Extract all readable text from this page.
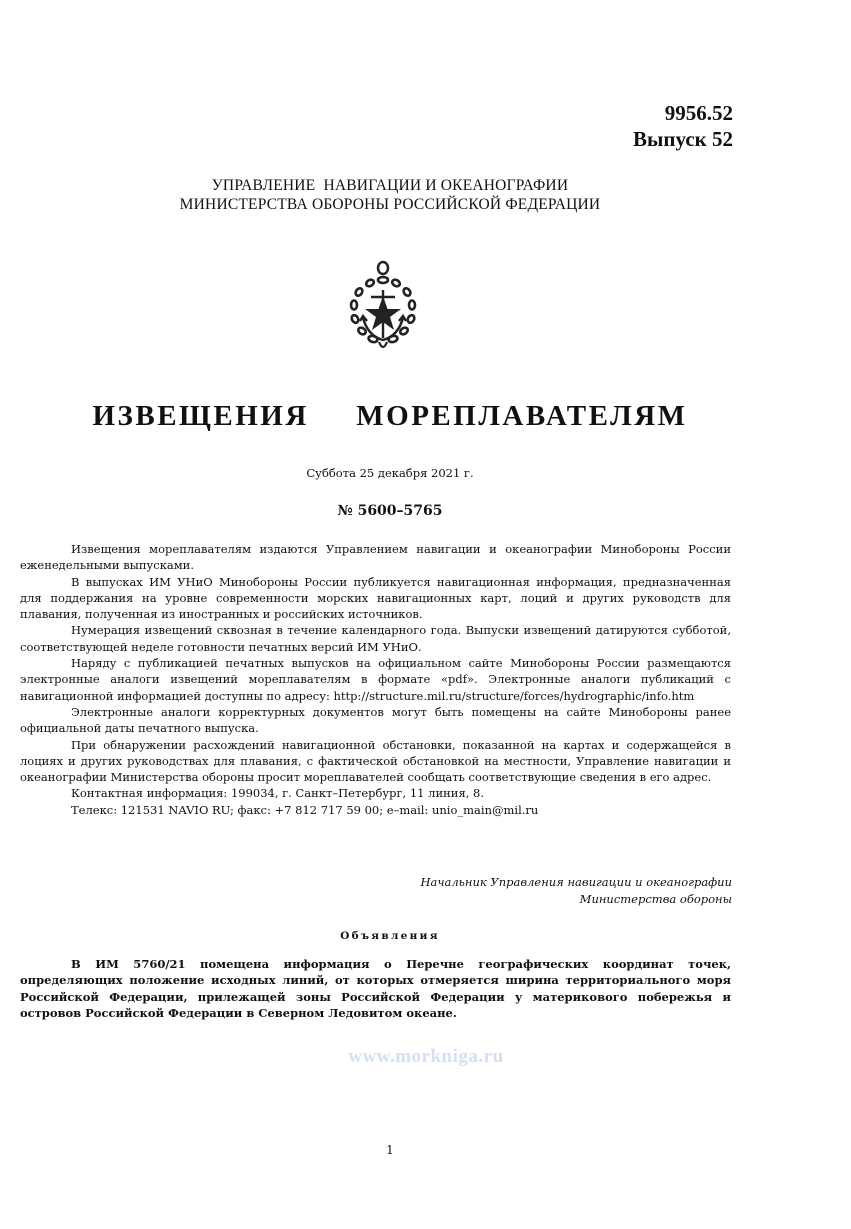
9956.52
Выпуск 52
УПРАВЛЕНИЕ  НАВИГАЦИИ И ОКЕАНОГРАФИИ
МИНИСТЕРСТВА ОБОРОНЫ РОССИЙСКОЙ ФЕДЕРАЦИИ
ИЗВЕЩЕНИЯ  МОРЕПЛАВАТЕЛЯМ
Суббота 25 декабря 2021 г.
№ 5600–5765

Извещения мореплавателям издаются Управлением навигации и океанографии Минобороны России еженедельными выпусками.

В выпусках ИМ УНиО Минобороны России публикуется навигационная информация, предназначенная для поддержания на уровне современности морских навигационных карт, лоций и других руководств для плавания, полученная из иностранных и российских источников.

Нумерация извещений сквозная в течение календарного года. Выпуски извещений датируются субботой, соответствующей неделе готовности печатных версий ИМ УНиО.

Наряду с публикацией печатных выпусков на официальном сайте Минобороны России размещаются электронные аналоги извещений мореплавателям в формате «pdf». Электронные аналоги публикаций с навигационной информацией доступны по адресу: http://structure.mil.ru/structure/forces/hydrographic/info.htm

Электронные аналоги корректурных документов могут быть помещены на сайте Минобороны ранее официальной даты печатного выпуска.

При обнаружении расхождений навигационной обстановки, показанной на картах и содержащейся в лоциях и других руководствах для плавания, с фактической обстановкой на местности, Управление навигации и океанографии Министерства обороны просит мореплавателей сообщать соответствующие сведения в его адрес.

Контактная информация: 199034, г. Санкт–Петербург, 11 линия, 8.

Телекс: 121531 NAVIO RU; факс: +7 812 717 59 00; e–mail: unio_main@mil.ru

Начальник Управления навигации и океанографии
Министерства обороны
Объявления

В ИМ 5760/21 помещена информация о Перечне географических координат точек, определяющих положение исходных линий, от которых отмеряется ширина территориального моря Российской Федерации, прилежащей зоны Российской Федерации у материкового побережья и островов Российской Федерации в Северном Ледовитом океане.

www.morkniga.ru
1
